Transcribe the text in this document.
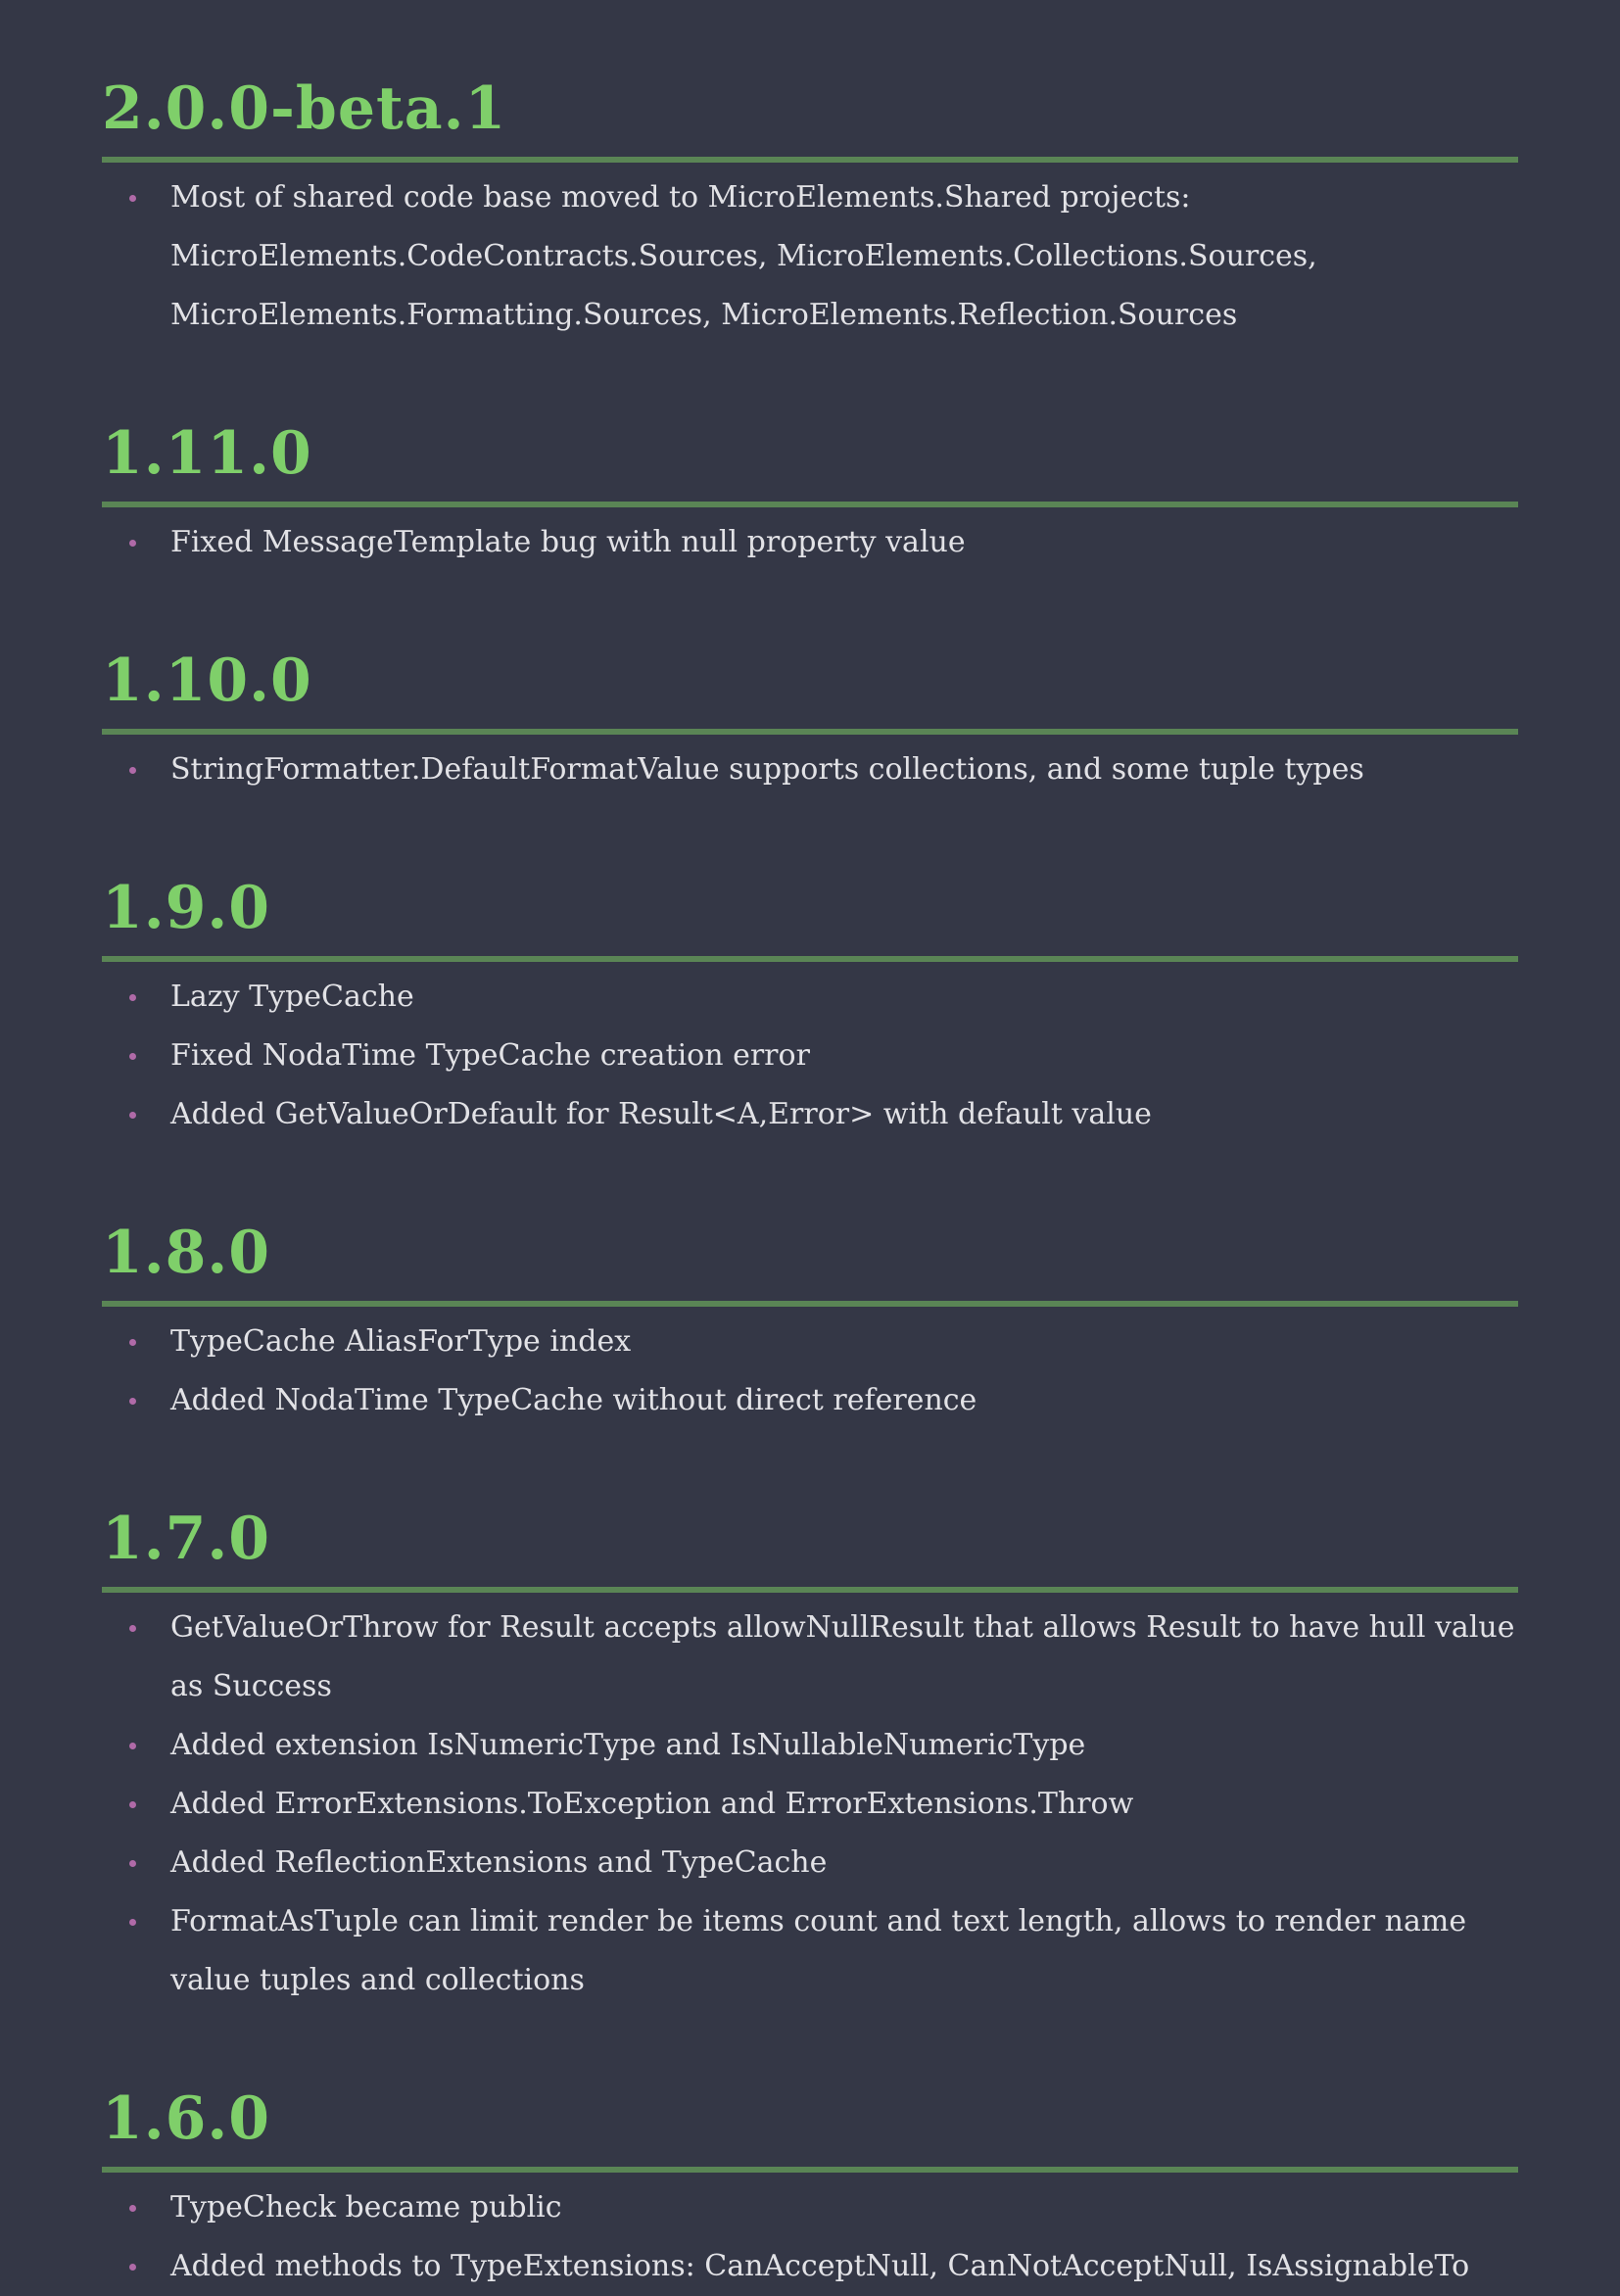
2.0.0-beta.1
Most of shared code base moved to MicroElements.Shared projects: MicroElements.CodeContracts.Sources, MicroElements.Collections.Sources, MicroElements.Formatting.Sources, MicroElements.Reflection.Sources
1.11.0
Fixed MessageTemplate bug with null property value
1.10.0
StringFormatter.DefaultFormatValue supports collections, and some tuple types
1.9.0
Lazy TypeCache
Fixed NodaTime TypeCache creation error
Added GetValueOrDefault for Result<A,Error> with default value
1.8.0
TypeCache AliasForType index
Added NodaTime TypeCache without direct reference
1.7.0
GetValueOrThrow for Result accepts allowNullResult that allows Result to have hull value as Success
Added extension IsNumericType and IsNullableNumericType
Added ErrorExtensions.ToException and ErrorExtensions.Throw
Added ReflectionExtensions and TypeCache
FormatAsTuple can limit render be items count and text length, allows to render name value tuples and collections
1.6.0
TypeCheck became public
Added methods to TypeExtensions: CanAcceptNull, CanNotAcceptNull, IsAssignableTo
